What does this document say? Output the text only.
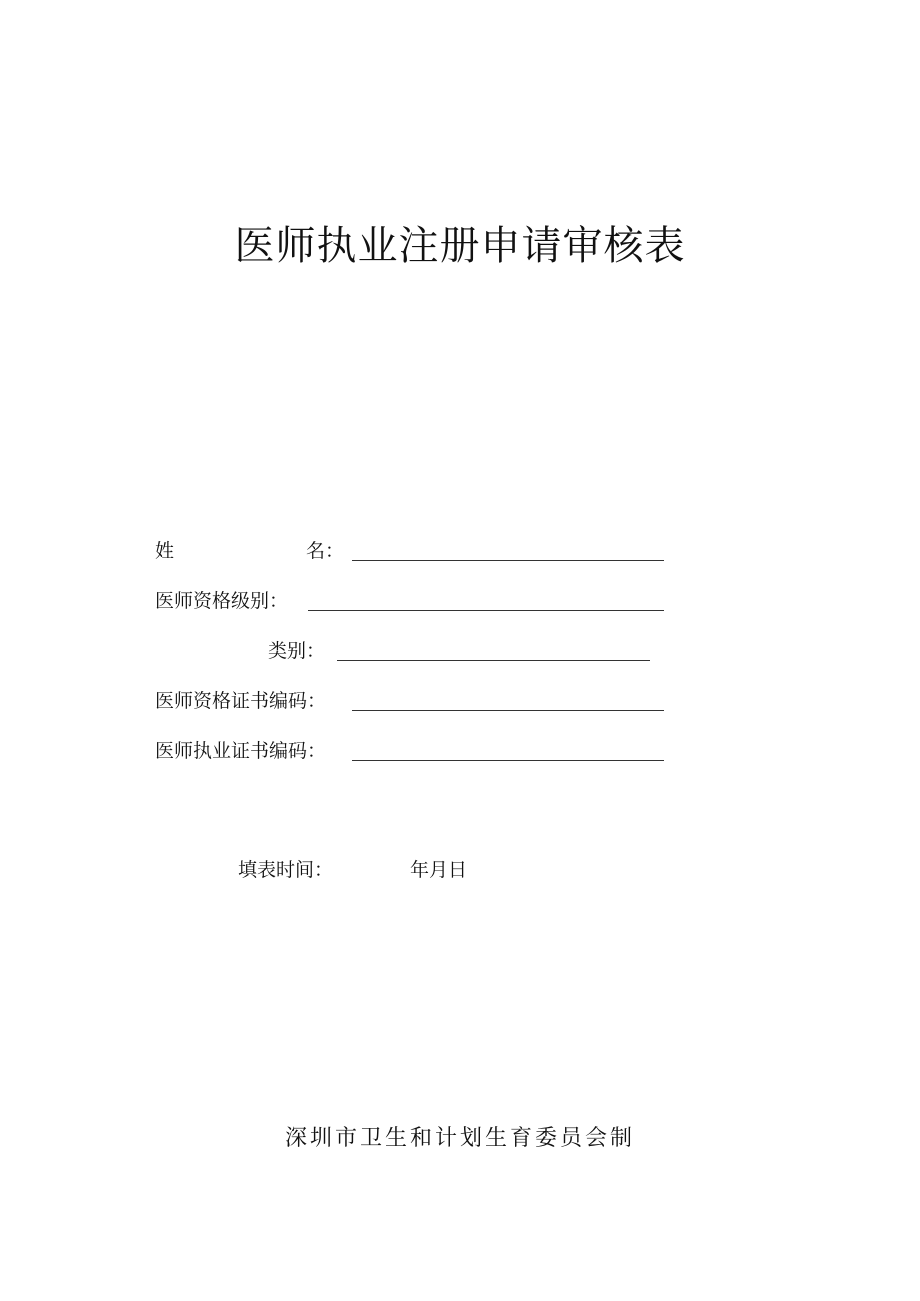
医师执业注册申请审核表
姓	名：
医师资格级别：
类别：
医师资格证书编码：
医师执业证书编码：
填表时间：	年月日
深圳市卫生和计划生育委员会制
